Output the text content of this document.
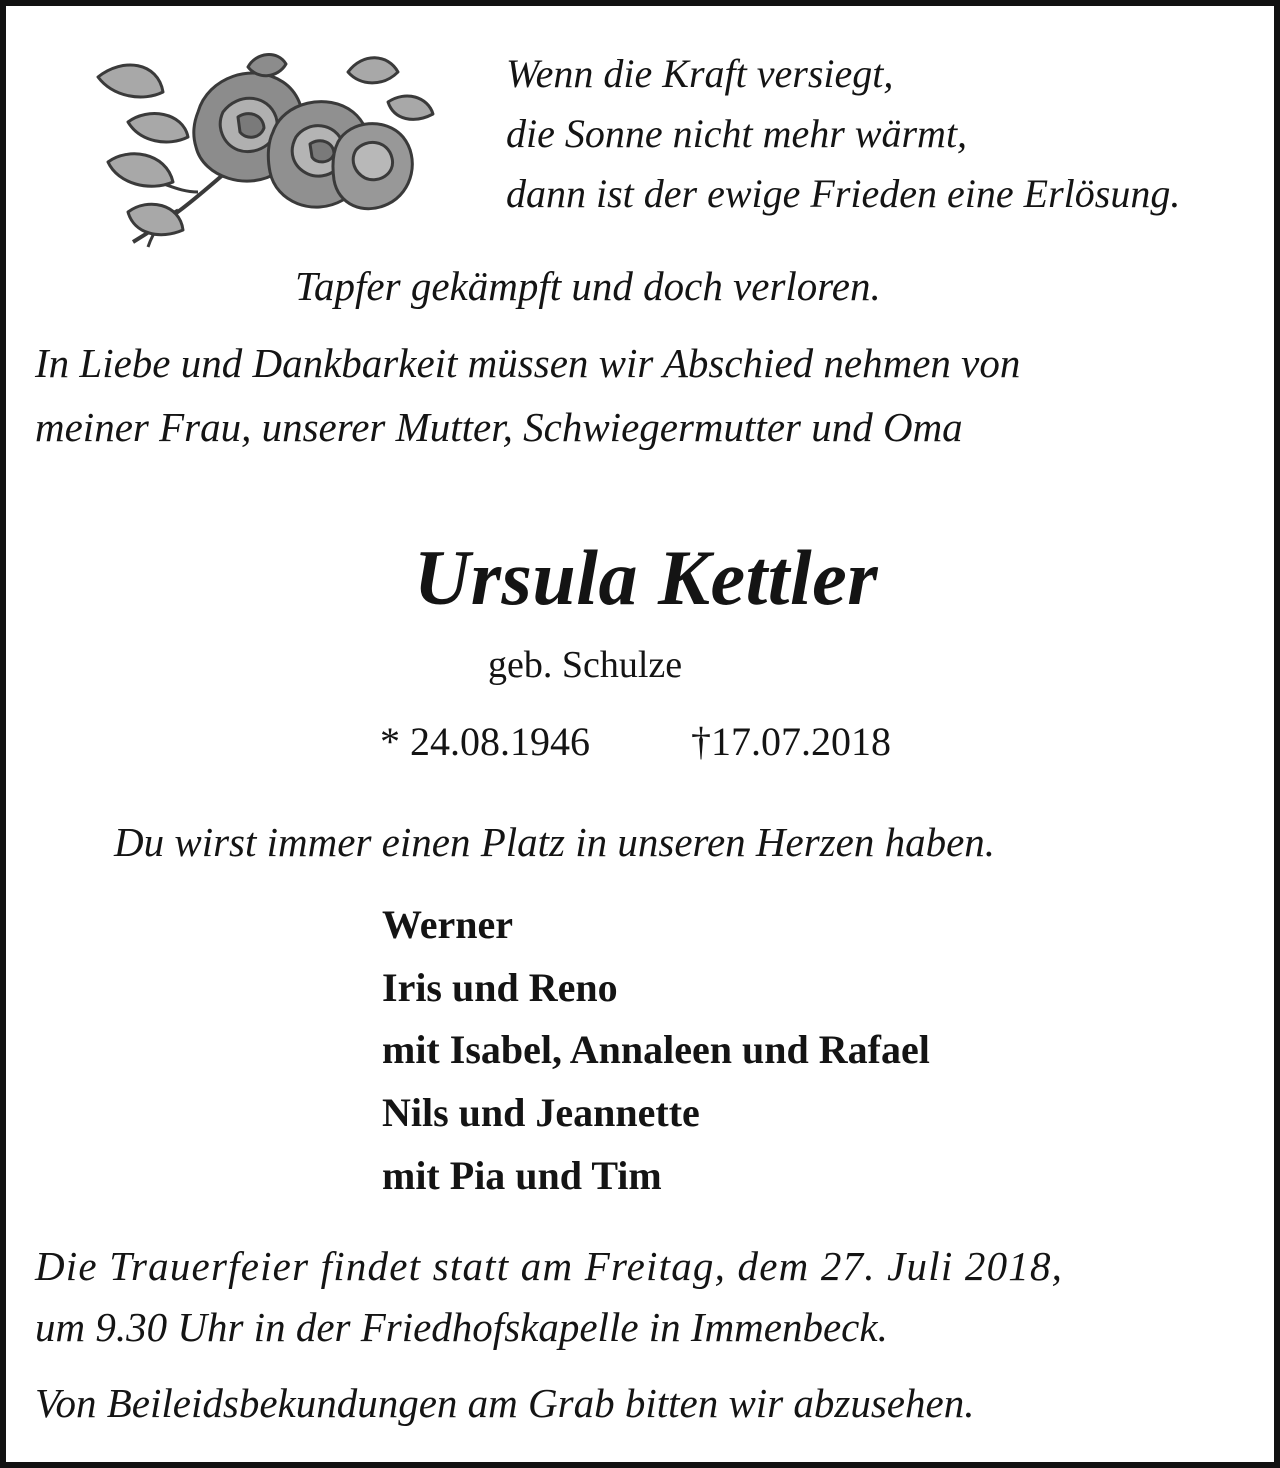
Wenn die Kraft versiegt,

die Sonne nicht mehr wärmt,

dann ist der ewige Frieden eine Erlösung.

Tapfer gekämpft und doch verloren.

In Liebe und Dankbarkeit müssen wir Abschied nehmen von

meiner Frau, unserer Mutter, Schwiegermutter und Oma

Ursula Kettler

geb. Schulze

* 24.08.1946	†17.07.2018

Du wirst immer einen Platz in unseren Herzen haben.

Werner

Iris und Reno

mit Isabel, Annaleen und Rafael

Nils und Jeannette

mit Pia und Tim

Die Trauerfeier findet statt am Freitag, dem 27. Juli 2018,

um 9.30 Uhr in der Friedhofskapelle in Immenbeck.

Von Beileidsbekundungen am Grab bitten wir abzusehen.
